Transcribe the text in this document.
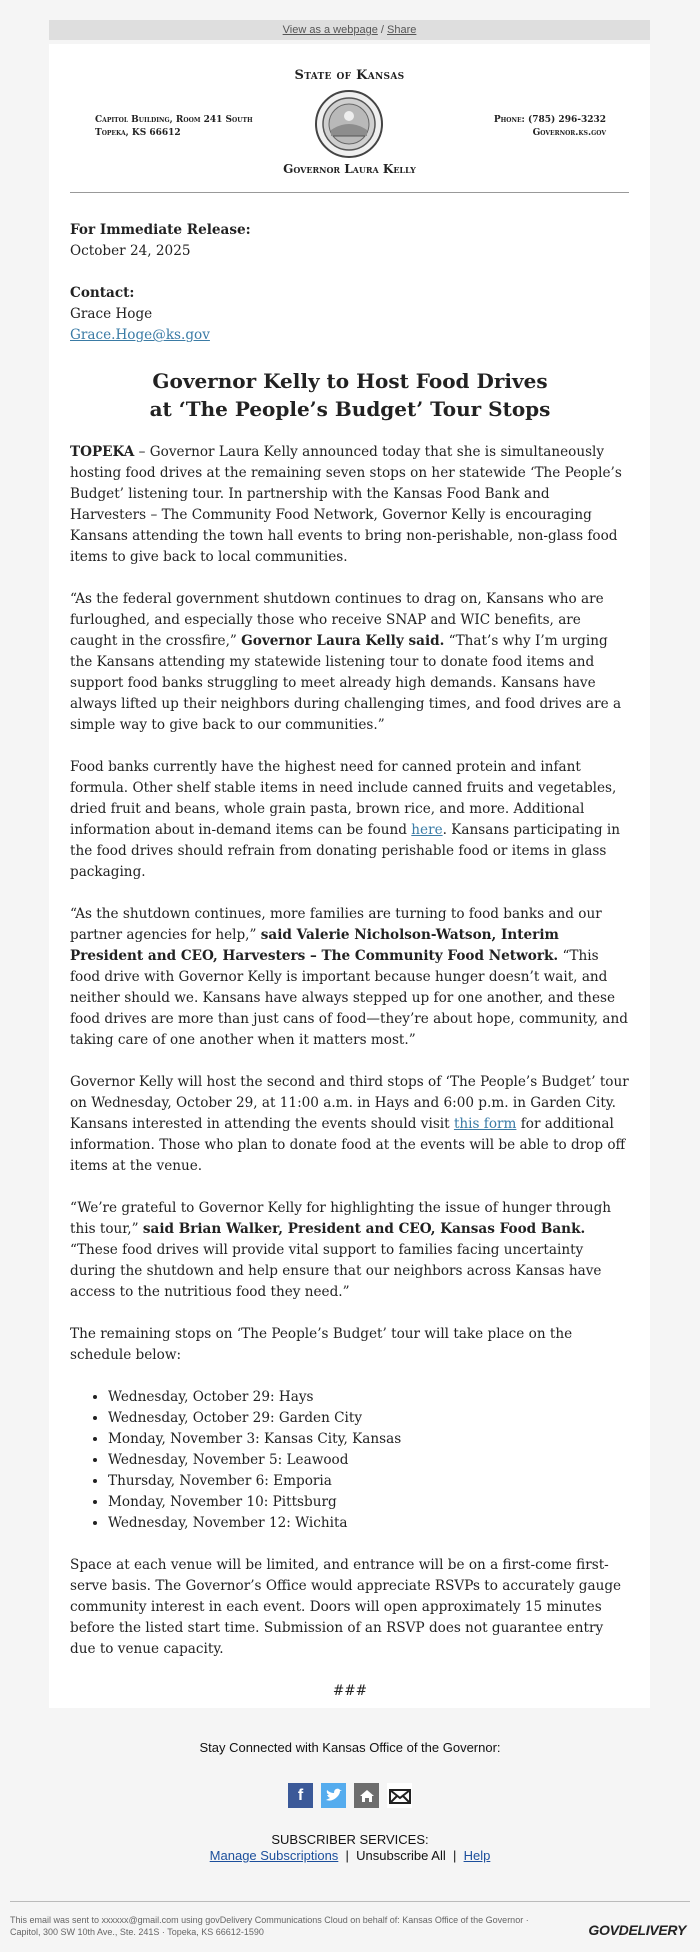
View as a webpage / Share
State of Kansas
Capitol Building, Room 241 South
Topeka, KS 66612
Phone: (785) 296-3232
Governor.ks.gov
Governor Laura Kelly

For Immediate Release:
October 24, 2025

Contact:
Grace Hoge
Grace.Hoge@ks.gov

Governor Kelly to Host Food Drives
at ‘The People’s Budget’ Tour Stops

TOPEKA – Governor Laura Kelly announced today that she is simultaneously hosting food drives at the remaining seven stops on her statewide ‘The People’s Budget’ listening tour. In partnership with the Kansas Food Bank and Harvesters – The Community Food Network, Governor Kelly is encouraging Kansans attending the town hall events to bring non-perishable, non-glass food items to give back to local communities.

“As the federal government shutdown continues to drag on, Kansans who are furloughed, and especially those who receive SNAP and WIC benefits, are caught in the crossfire,” Governor Laura Kelly said. “That’s why I’m urging the Kansans attending my statewide listening tour to donate food items and support food banks struggling to meet already high demands. Kansans have always lifted up their neighbors during challenging times, and food drives are a simple way to give back to our communities.”

Food banks currently have the highest need for canned protein and infant formula. Other shelf stable items in need include canned fruits and vegetables, dried fruit and beans, whole grain pasta, brown rice, and more. Additional information about in-demand items can be found here. Kansans participating in the food drives should refrain from donating perishable food or items in glass packaging.

“As the shutdown continues, more families are turning to food banks and our partner agencies for help,” said Valerie Nicholson-Watson, Interim President and CEO, Harvesters – The Community Food Network. “This food drive with Governor Kelly is important because hunger doesn’t wait, and neither should we. Kansans have always stepped up for one another, and these food drives are more than just cans of food—they’re about hope, community, and taking care of one another when it matters most.”

Governor Kelly will host the second and third stops of ‘The People’s Budget’ tour on Wednesday, October 29, at 11:00 a.m. in Hays and 6:00 p.m. in Garden City. Kansans interested in attending the events should visit this form for additional information. Those who plan to donate food at the events will be able to drop off items at the venue.

“We’re grateful to Governor Kelly for highlighting the issue of hunger through this tour,” said Brian Walker, President and CEO, Kansas Food Bank. “These food drives will provide vital support to families facing uncertainty during the shutdown and help ensure that our neighbors across Kansas have access to the nutritious food they need.”

The remaining stops on ‘The People’s Budget’ tour will take place on the schedule below:

• Wednesday, October 29: Hays
• Wednesday, October 29: Garden City
• Monday, November 3: Kansas City, Kansas
• Wednesday, November 5: Leawood
• Thursday, November 6: Emporia
• Monday, November 10: Pittsburg
• Wednesday, November 12: Wichita

Space at each venue will be limited, and entrance will be on a first-come first-serve basis. The Governor’s Office would appreciate RSVPs to accurately gauge community interest in each event. Doors will open approximately 15 minutes before the listed start time. Submission of an RSVP does not guarantee entry due to venue capacity.

###
Stay Connected with Kansas Office of the Governor:
f
SUBSCRIBER SERVICES:
Manage Subscriptions  |  Unsubscribe All  |  Help
This email was sent to xxxxxx@gmail.com using govDelivery Communications Cloud on behalf of: Kansas Office of the Governor ·
Capitol, 300 SW 10th Ave., Ste. 241S · Topeka, KS 66612-1590	GOVDELIVERY
